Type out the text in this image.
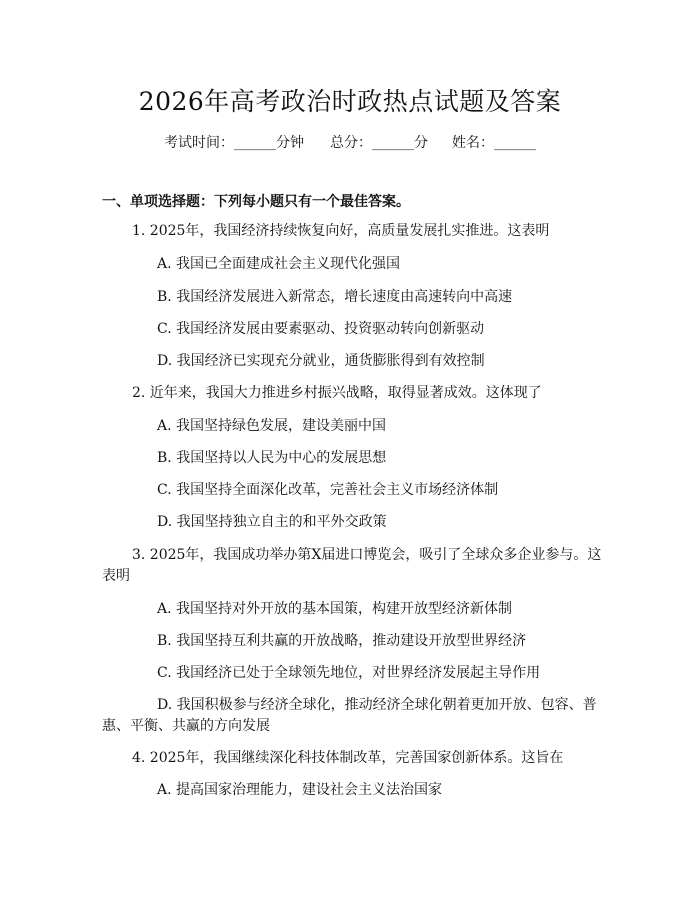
2026年高考政治时政热点试题及答案
考试时间：______分钟 总分：______分 姓名：______
一、单项选择题：下列每小题只有一个最佳答案。
1. 2025年，我国经济持续恢复向好，高质量发展扎实推进。这表明
A. 我国已全面建成社会主义现代化强国
B. 我国经济发展进入新常态，增长速度由高速转向中高速
C. 我国经济发展由要素驱动、投资驱动转向创新驱动
D. 我国经济已实现充分就业，通货膨胀得到有效控制
2. 近年来，我国大力推进乡村振兴战略，取得显著成效。这体现了
A. 我国坚持绿色发展，建设美丽中国
B. 我国坚持以人民为中心的发展思想
C. 我国坚持全面深化改革，完善社会主义市场经济体制
D. 我国坚持独立自主的和平外交政策
3. 2025年，我国成功举办第X届进口博览会，吸引了全球众多企业参与。这
表明
A. 我国坚持对外开放的基本国策，构建开放型经济新体制
B. 我国坚持互利共赢的开放战略，推动建设开放型世界经济
C. 我国经济已处于全球领先地位，对世界经济发展起主导作用
D. 我国积极参与经济全球化，推动经济全球化朝着更加开放、包容、普
惠、平衡、共赢的方向发展
4. 2025年，我国继续深化科技体制改革，完善国家创新体系。这旨在
A. 提高国家治理能力，建设社会主义法治国家
